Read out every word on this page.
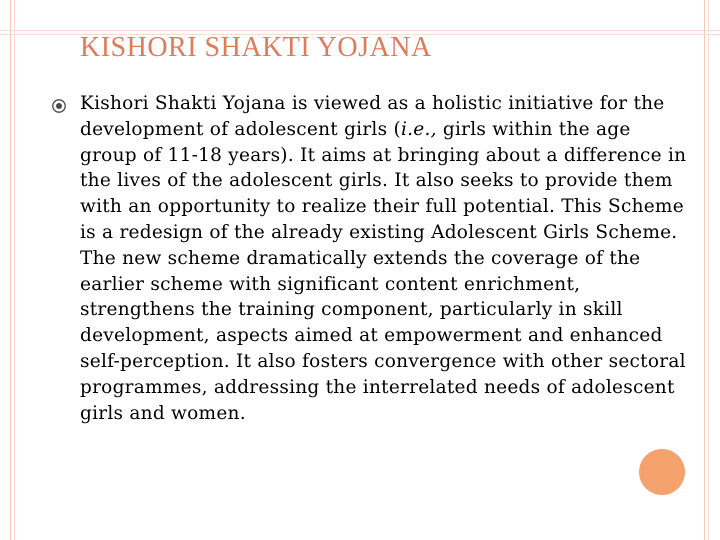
KISHORI SHAKTI YOJANA

Kishori Shakti Yojana is viewed as a holistic initiative for the development of adolescent girls (i.e., girls within the age group of 11-18 years). It aims at bringing about a difference in the lives of the adolescent girls. It also seeks to provide them with an opportunity to realize their full potential. This Scheme is a redesign of the already existing Adolescent Girls Scheme. The new scheme dramatically extends the coverage of the earlier scheme with significant content enrichment, strengthens the training component, particularly in skill development, aspects aimed at empowerment and enhanced self-perception. It also fosters convergence with other sectoral programmes, addressing the interrelated needs of adolescent girls and women.
